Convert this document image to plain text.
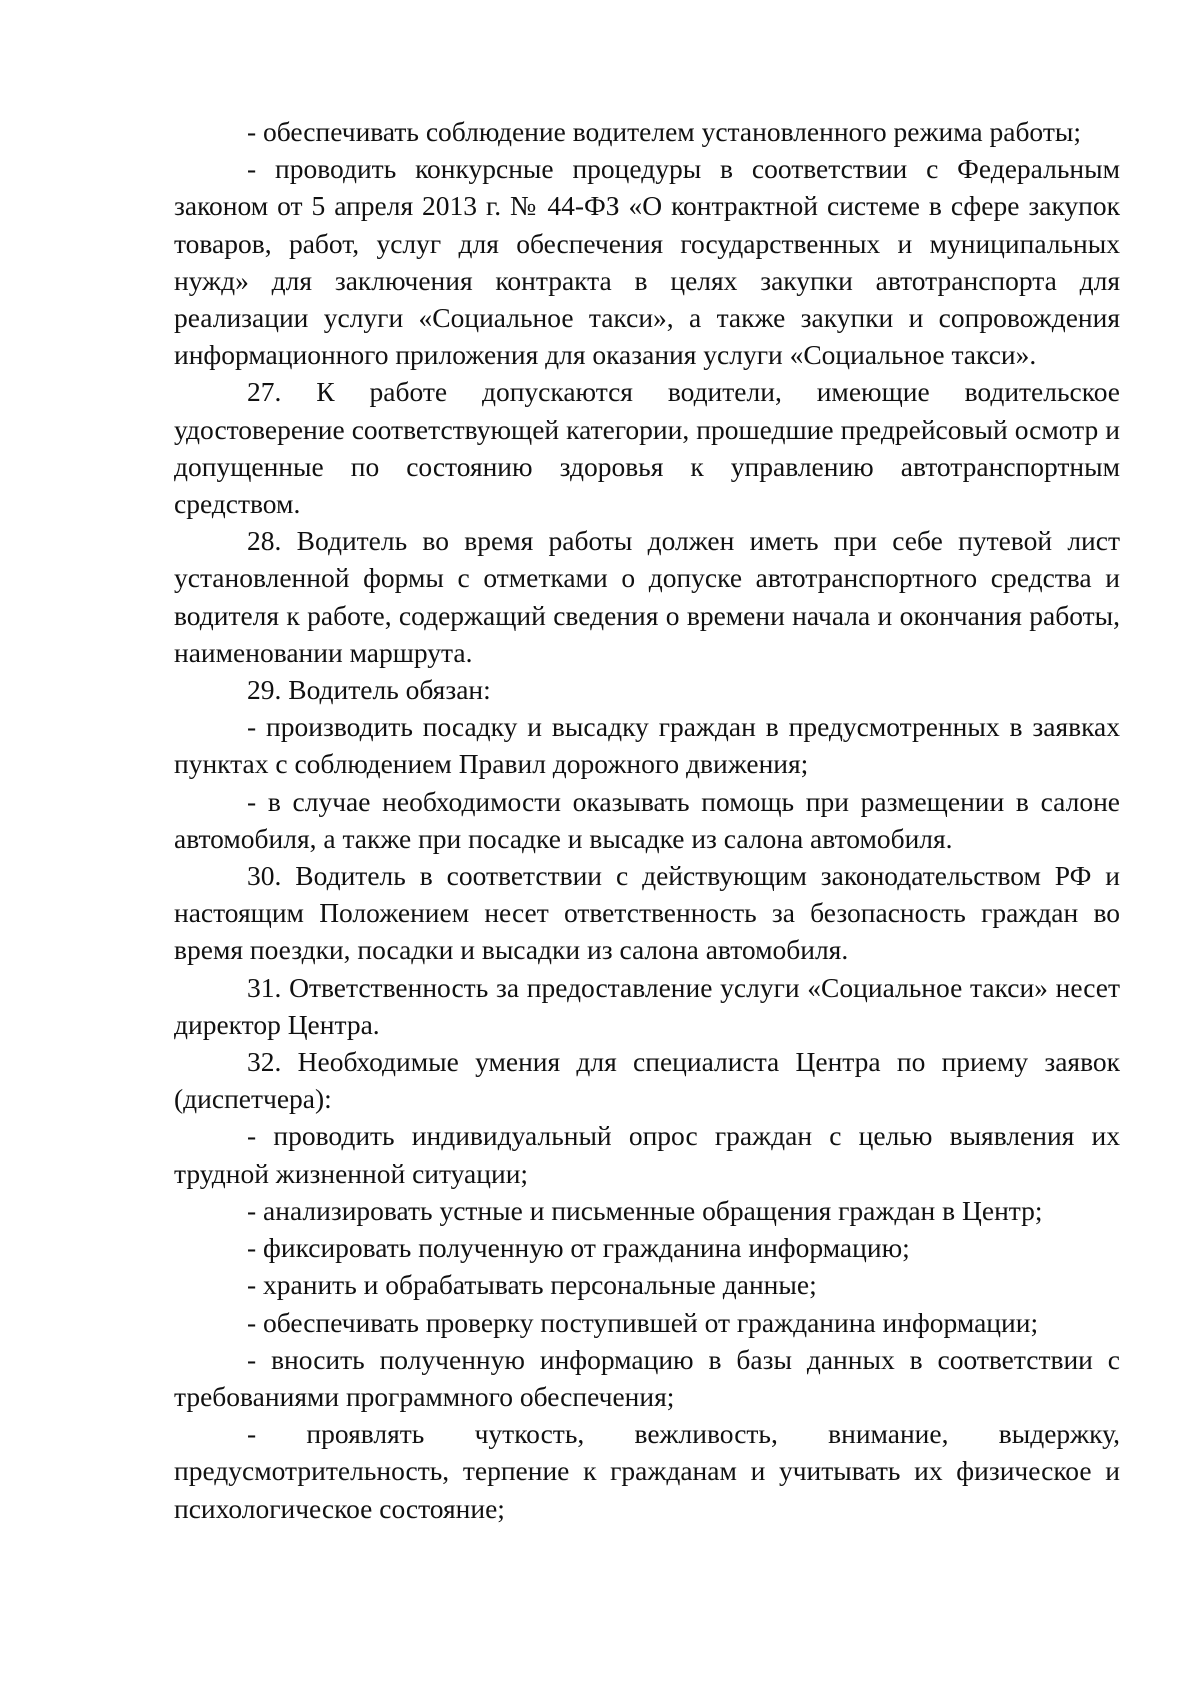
- обеспечивать соблюдение водителем установленного режима работы;

- проводить конкурсные процедуры в соответствии с Федеральным законом от 5 апреля 2013 г. № 44-ФЗ «О контрактной системе в сфере закупок товаров, работ, услуг для обеспечения государственных и муниципальных нужд» для заключения контракта в целях закупки автотранспорта для реализации услуги «Социальное такси», а также закупки и сопровождения информационного приложения для оказания услуги «Социальное такси».

27. К работе допускаются водители, имеющие водительское удостоверение соответствующей категории, прошедшие предрейсовый осмотр и допущенные по состоянию здоровья к управлению автотранспортным средством.

28. Водитель во время работы должен иметь при себе путевой лист установленной формы с отметками о допуске автотранспортного средства и водителя к работе, содержащий сведения о времени начала и окончания работы, наименовании маршрута.

29. Водитель обязан:

- производить посадку и высадку граждан в предусмотренных в заявках пунктах с соблюдением Правил дорожного движения;

- в случае необходимости оказывать помощь при размещении в салоне автомобиля, а также при посадке и высадке из салона автомобиля.

30. Водитель в соответствии с действующим законодательством РФ и настоящим Положением несет ответственность за безопасность граждан во время поездки, посадки и высадки из салона автомобиля.

31. Ответственность за предоставление услуги «Социальное такси» несет директор Центра.

32. Необходимые умения для специалиста Центра по приему заявок (диспетчера):

- проводить индивидуальный опрос граждан с целью выявления их трудной жизненной ситуации;

- анализировать устные и письменные обращения граждан в Центр;

- фиксировать полученную от гражданина информацию;

- хранить и обрабатывать персональные данные;

- обеспечивать проверку поступившей от гражданина информации;

- вносить полученную информацию в базы данных в соответствии с требованиями программного обеспечения;

- проявлять чуткость, вежливость, внимание, выдержку, предусмотрительность, терпение к гражданам и учитывать их физическое и психологическое состояние;
